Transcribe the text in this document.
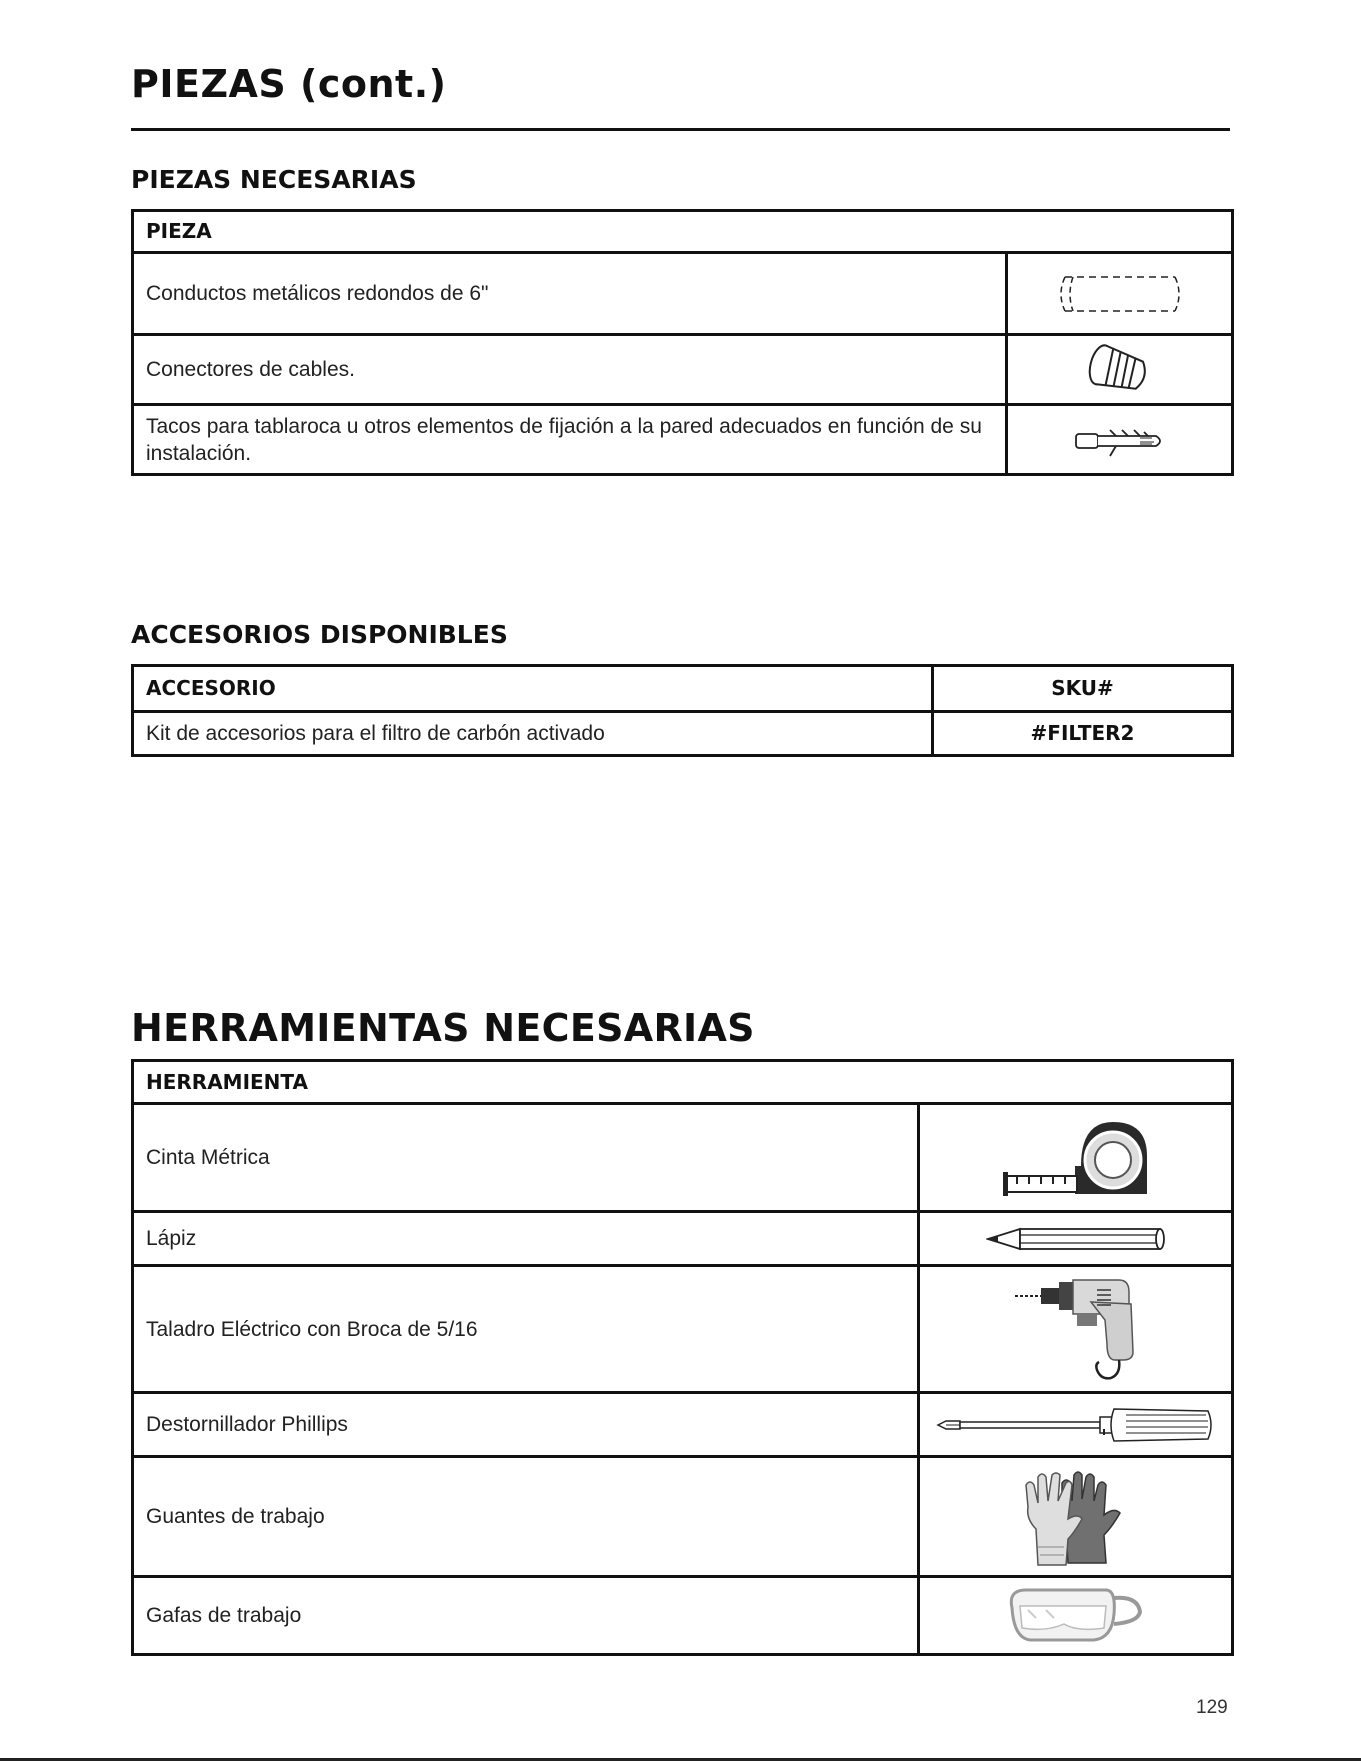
PIEZAS (cont.)
PIEZAS NECESARIAS
PIEZA	
Conductos metálicos redondos de 6"	
Conectores de cables.	
Tacos para tablaroca u otros elementos de fijación a la pared adecuados en función de su instalación.	
ACCESORIOS DISPONIBLES
ACCESORIO	SKU#
Kit de accesorios para el filtro de carbón activado	#FILTER2
HERRAMIENTAS NECESARIAS
HERRAMIENTA	
Cinta Métrica	
Lápiz	
Taladro Eléctrico con Broca de 5/16	
Destornillador Phillips	
Guantes de trabajo	
Gafas de trabajo	
129
